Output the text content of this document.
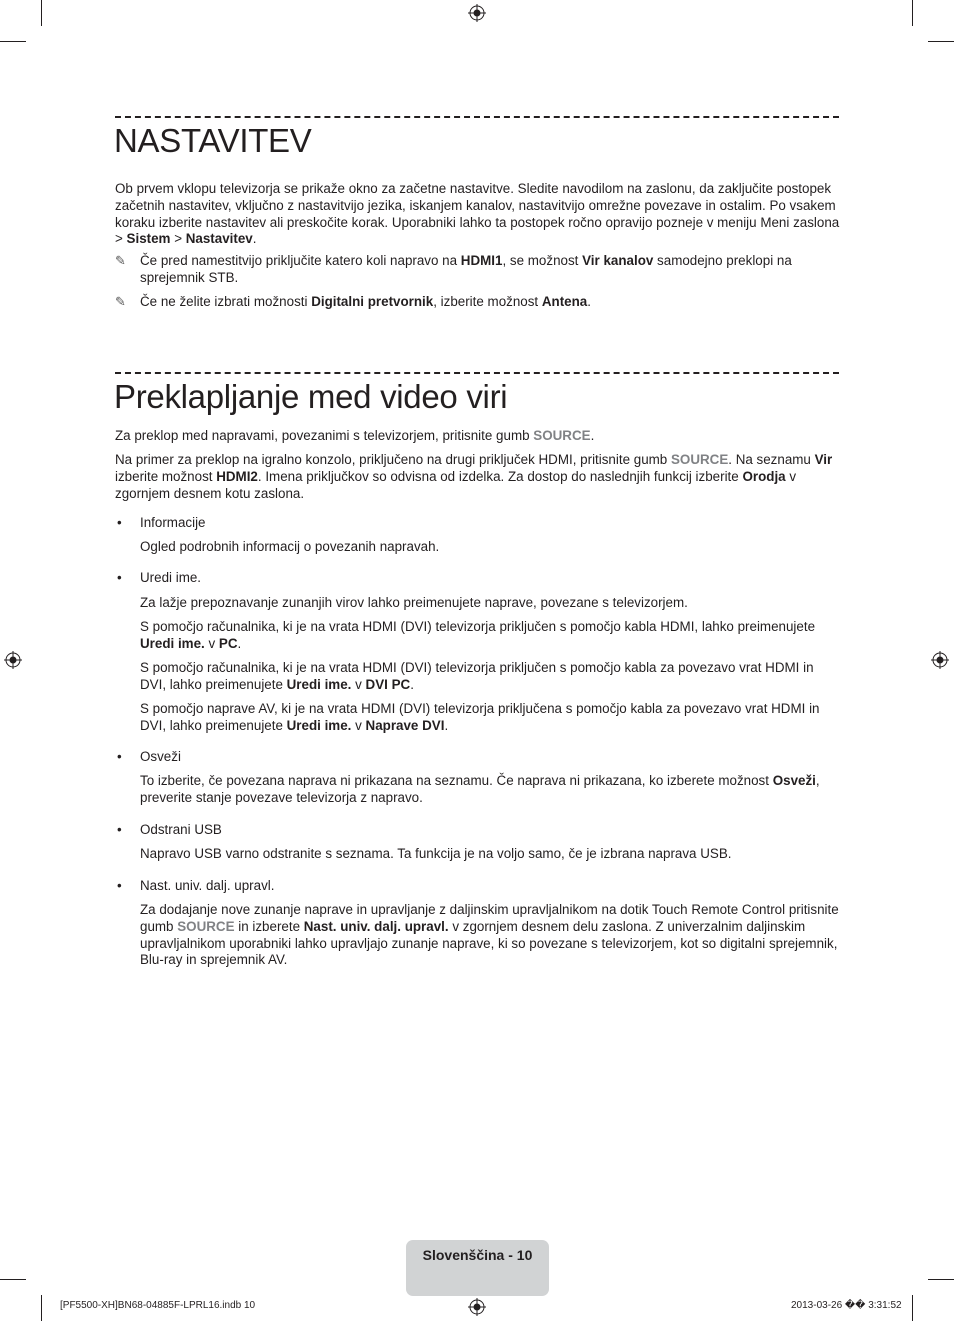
NASTAVITEV

Ob prvem vklopu televizorja se prikaže okno za začetne nastavitve. Sledite navodilom na zaslonu, da zaključite postopek začetnih nastavitev, vključno z nastavitvijo jezika, iskanjem kanalov, nastavitvijo omrežne povezave in ostalim. Po vsakem koraku izberite nastavitev ali preskočite korak. Uporabniki lahko ta postopek ročno opravijo pozneje v meniju Meni zaslona > Sistem > Nastavitev.

✎	Če pred namestitvijo priključite katero koli napravo na HDMI1, se možnost Vir kanalov samodejno preklopi na sprejemnik STB.
✎	Če ne želite izbrati možnosti Digitalni pretvornik, izberite možnost Antena.
Preklapljanje med video viri

Za preklop med napravami, povezanimi s televizorjem, pritisnite gumb SOURCE.

Na primer za preklop na igralno konzolo, priključeno na drugi priključek HDMI, pritisnite gumb SOURCE. Na seznamu Vir izberite možnost HDMI2. Imena priključkov so odvisna od izdelka. Za dostop do naslednjih funkcij izberite Orodja v zgornjem desnem kotu zaslona.

• Informacije

Ogled podrobnih informacij o povezanih napravah.

• Uredi ime.

Za lažje prepoznavanje zunanjih virov lahko preimenujete naprave, povezane s televizorjem.

S pomočjo računalnika, ki je na vrata HDMI (DVI) televizorja priključen s pomočjo kabla HDMI, lahko preimenujete Uredi ime. v PC.

S pomočjo računalnika, ki je na vrata HDMI (DVI) televizorja priključen s pomočjo kabla za povezavo vrat HDMI in DVI, lahko preimenujete Uredi ime. v DVI PC.

S pomočjo naprave AV, ki je na vrata HDMI (DVI) televizorja priključena s pomočjo kabla za povezavo vrat HDMI in DVI, lahko preimenujete Uredi ime. v Naprave DVI.

• Osveži

To izberite, če povezana naprava ni prikazana na seznamu. Če naprava ni prikazana, ko izberete možnost Osveži, preverite stanje povezave televizorja z napravo.

• Odstrani USB

Napravo USB varno odstranite s seznama. Ta funkcija je na voljo samo, če je izbrana naprava USB.

• Nast. univ. dalj. upravl.

Za dodajanje nove zunanje naprave in upravljanje z daljinskim upravljalnikom na dotik Touch Remote Control pritisnite gumb SOURCE in izberete Nast. univ. dalj. upravl. v zgornjem desnem delu zaslona. Z univerzalnim daljinskim upravljalnikom uporabniki lahko upravljajo zunanje naprave, ki so povezane s televizorjem, kot so digitalni sprejemnik, Blu-ray in sprejemnik AV.

Slovenščina - 10
[PF5500-XH]BN68-04885F-LPRL16.indb 10	2013-03-26 �� 3:31:52
